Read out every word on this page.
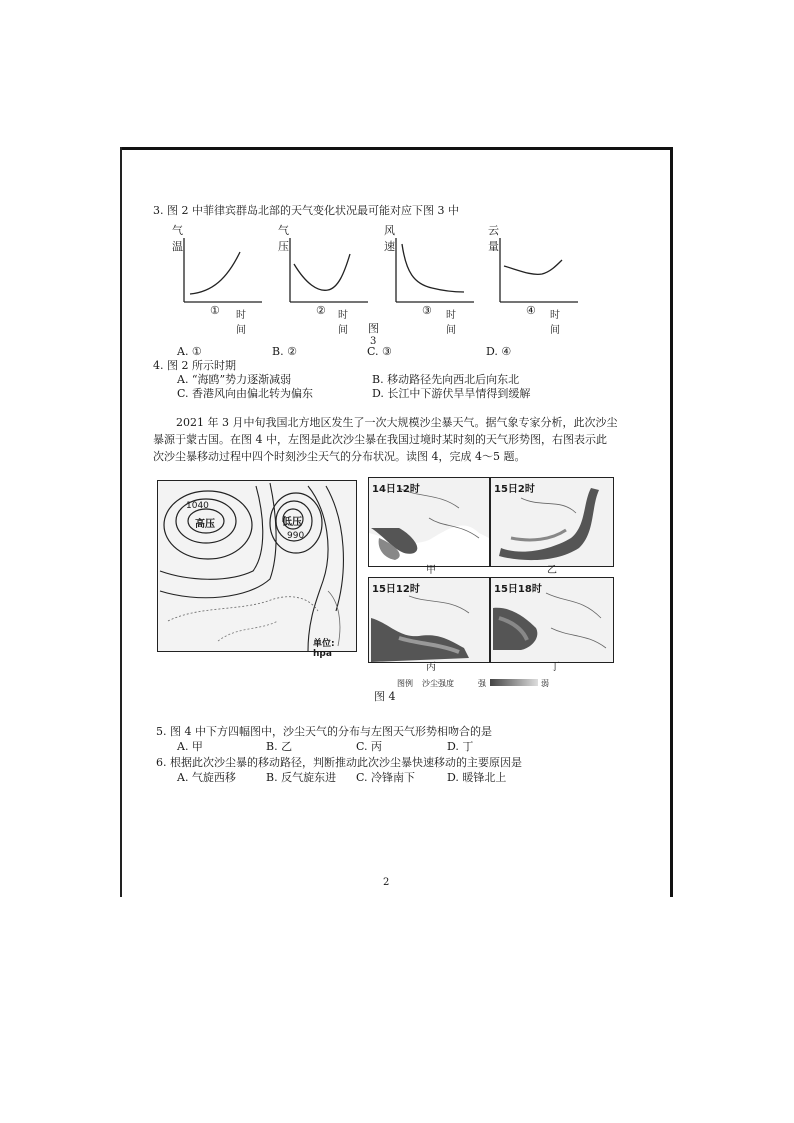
3. 图 2 中菲律宾群岛北部的天气变化状况最可能对应下图 3 中
气温
① 时间
气压
② 时间
风速
③ 时间
云量
④ 时间
图
3
A. ①	B. ②	C. ③	D. ④
4. 图 2 所示时期
A. “海鸥”势力逐渐减弱	B. 移动路径先向西北后向东北
C. 香港风向由偏北转为偏东	D. 长江中下游伏旱旱情得到缓解
2021 年 3 月中旬我国北方地区发生了一次大规模沙尘暴天气。据气象专家分析，此次沙尘
暴源于蒙古国。在图 4 中，左图是此次沙尘暴在我国过境时某时刻的天气形势图，右图表示此
次沙尘暴移动过程中四个时刻沙尘天气的分布状况。读图 4，完成 4～5 题。
1040
高压	低压
990
单位: hpa
14日12时
甲
15日2时
乙
15日12时
丙
15日18时
丁
图例 沙尘强度	强	弱
图 4
5. 图 4 中下方四幅图中，沙尘天气的分布与左图天气形势相吻合的是
A. 甲	B. 乙	C. 丙	D. 丁
6. 根据此次沙尘暴的移动路径，判断推动此次沙尘暴快速移动的主要原因是
A. 气旋西移	B. 反气旋东进 C. 冷锋南下	D. 暖锋北上
2
